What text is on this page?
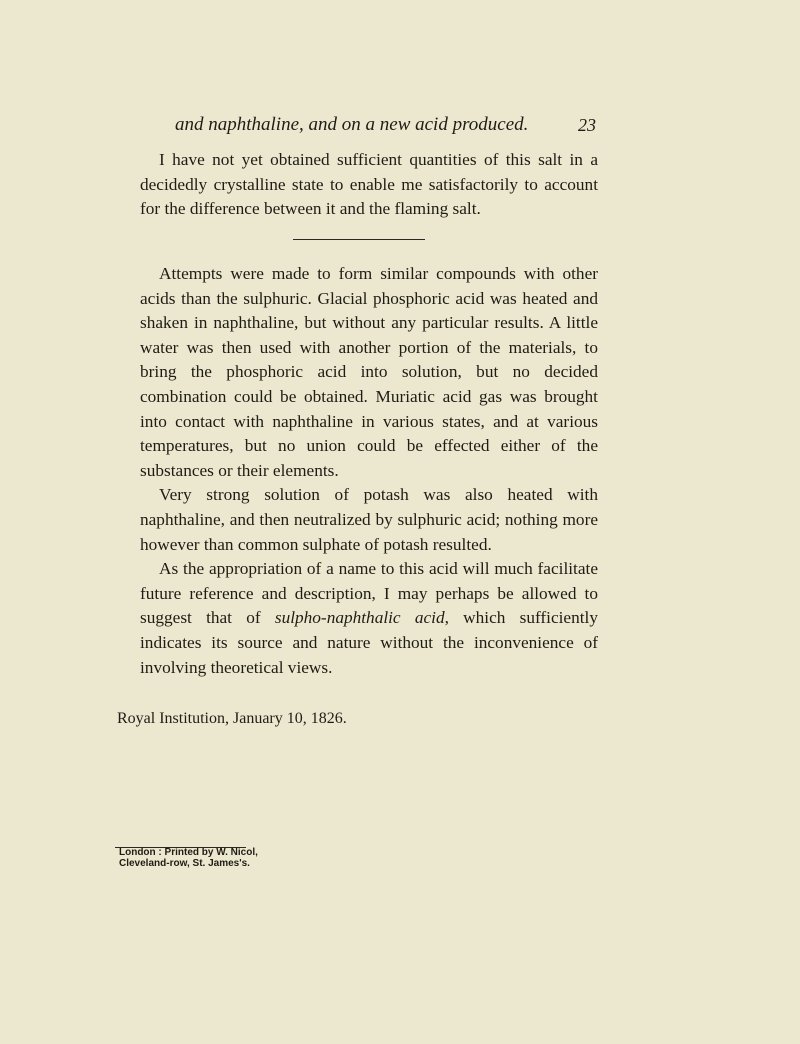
and naphthaline, and on a new acid produced.	23

I have not yet obtained sufficient quantities of this salt in a decidedly crystalline state to enable me satisfactorily to account for the difference between it and the flaming salt.

Attempts were made to form similar compounds with other acids than the sulphuric. Glacial phosphoric acid was heated and shaken in naphthaline, but without any particular results. A little water was then used with another portion of the materials, to bring the phosphoric acid into solution, but no decided combination could be obtained. Muriatic acid gas was brought into contact with naphthaline in various states, and at various temperatures, but no union could be effected either of the substances or their elements.

Very strong solution of potash was also heated with naphthaline, and then neutralized by sulphuric acid; nothing more however than common sulphate of potash resulted.

As the appropriation of a name to this acid will much facilitate future reference and description, I may perhaps be allowed to suggest that of sulpho-naphthalic acid, which sufficiently indicates its source and nature without the inconvenience of involving theoretical views.

Royal Institution, January 10, 1826.
London : Printed by W. Nicol,
Cleveland-row, St. James's.
